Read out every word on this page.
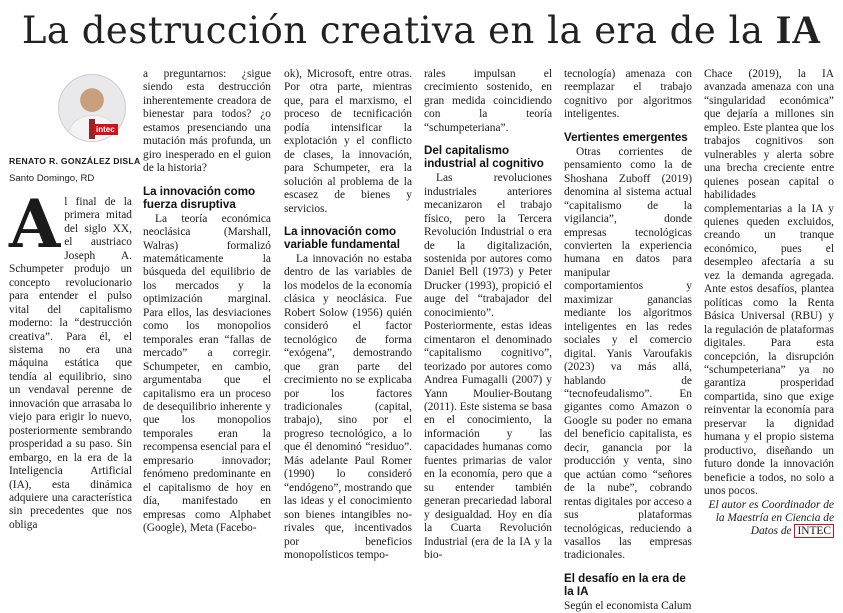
La destrucción creativa en la era de la IA
intec
RENATO R. GONZÁLEZ DISLA
Santo Domingo, RD
A l final de la primera mitad del siglo XX, el austriaco Joseph A. Schumpeter produjo un concepto revolucionario para entender el pulso vital del capitalismo moderno: la “destrucción creativa”. Para él, el sistema no era una máquina estática que tendía al equilibrio, sino un vendaval perenne de innovación que arrasaba lo viejo para erigir lo nuevo, posteriormente sembrando prosperidad a su paso. Sin embargo, en la era de la Inteligencia Artificial (IA), esta dinámica adquiere una característica sin precedentes que nos obliga

a preguntarnos: ¿sigue siendo esta destrucción inherentemente creadora de bienestar para todos? ¿o estamos presenciando una mutación más profunda, un giro inesperado en el guion de la historia?

La innovación como fuerza disruptiva

La teoría económica neoclásica (Marshall, Walras) formalizó matemáticamente la búsqueda del equilibrio de los mercados y la optimización marginal. Para ellos, las desviaciones como los monopolios temporales eran “fallas de mercado” a corregir. Schumpeter, en cambio, argumentaba que el capitalismo era un proceso de desequilibrio inherente y que los monopolios temporales eran la recompensa esencial para el empresario innovador; fenómeno predominante en el capitalismo de hoy en día, manifestado en empresas como Alphabet (Google), Meta (Facebo-

ok), Microsoft, entre otras. Por otra parte, mientras que, para el marxismo, el proceso de tecnificación podía intensificar la explotación y el conflicto de clases, la innovación, para Schumpeter, era la solución al problema de la escasez de bienes y servicios.

La innovación como variable fundamental

La innovación no estaba dentro de las variables de los modelos de la economía clásica y neoclásica. Fue Robert Solow (1956) quién consideró el factor tecnológico de forma “exógena”, demostrando que gran parte del crecimiento no se explicaba por los factores tradicionales (capital, trabajo), sino por el progreso tecnológico, a lo que él denominó “residuo”. Más adelante Paul Romer (1990) lo consideró “endógeno”, mostrando que las ideas y el conocimiento son bienes intangibles no-rivales que, incentivados por beneficios monopolísticos tempo-

rales impulsan el crecimiento sostenido, en gran medida coincidiendo con la teoría “schumpeteriana”.

Del capitalismo industrial al cognitivo

Las revoluciones industriales anteriores mecanizaron el trabajo físico, pero la Tercera Revolución Industrial o era de la digitalización, sostenida por autores como Daniel Bell (1973) y Peter Drucker (1993), propició el auge del “trabajador del conocimiento”. Posteriormente, estas ideas cimentaron el denominado “capitalismo cognitivo”, teorizado por autores como Andrea Fumagalli (2007) y Yann Moulier-Boutang (2011). Este sistema se basa en el conocimiento, la información y las capacidades humanas como fuentes primarias de valor en la economía, pero que a su entender también generan precariedad laboral y desigualdad. Hoy en día la Cuarta Revolución Industrial (era de la IA y la bio-

tecnología) amenaza con reemplazar el trabajo cognitivo por algoritmos inteligentes.

Vertientes emergentes

Otras corrientes de pensamiento como la de Shoshana Zuboff (2019) denomina al sistema actual “capitalismo de la vigilancia”, donde empresas tecnológicas convierten la experiencia humana en datos para manipular comportamientos y maximizar ganancias mediante los algoritmos inteligentes en las redes sociales y el comercio digital. Yanis Varoufakis (2023) va más allá, hablando de “tecnofeudalismo”. En gigantes como Amazon o Google su poder no emana del beneficio capitalista, es decir, ganancia por la producción y venta, sino que actúan como “señores de la nube”, cobrando rentas digitales por acceso a sus plataformas tecnológicas, reduciendo a vasallos las empresas tradicionales.

El desafío en la era de la IA

Según el economista Calum

Chace (2019), la IA avanzada amenaza con una “singularidad económica” que dejaría a millones sin empleo. Este plantea que los trabajos cognitivos son vulnerables y alerta sobre una brecha creciente entre quienes posean capital o habilidades complementarias a la IA y quienes queden excluidos, creando un tranque económico, pues el desempleo afectaría a su vez la demanda agregada. Ante estos desafíos, plantea políticas como la Renta Básica Universal (RBU) y la regulación de plataformas digitales. Para esta concepción, la disrupción “schumpeteriana” ya no garantiza prosperidad compartida, sino que exige reinventar la economía para preservar la dignidad humana y el propio sistema productivo, diseñando un futuro donde la innovación beneficie a todos, no solo a unos pocos.

El autor es Coordinador de la Maestría en Ciencia de Datos de INTEC
